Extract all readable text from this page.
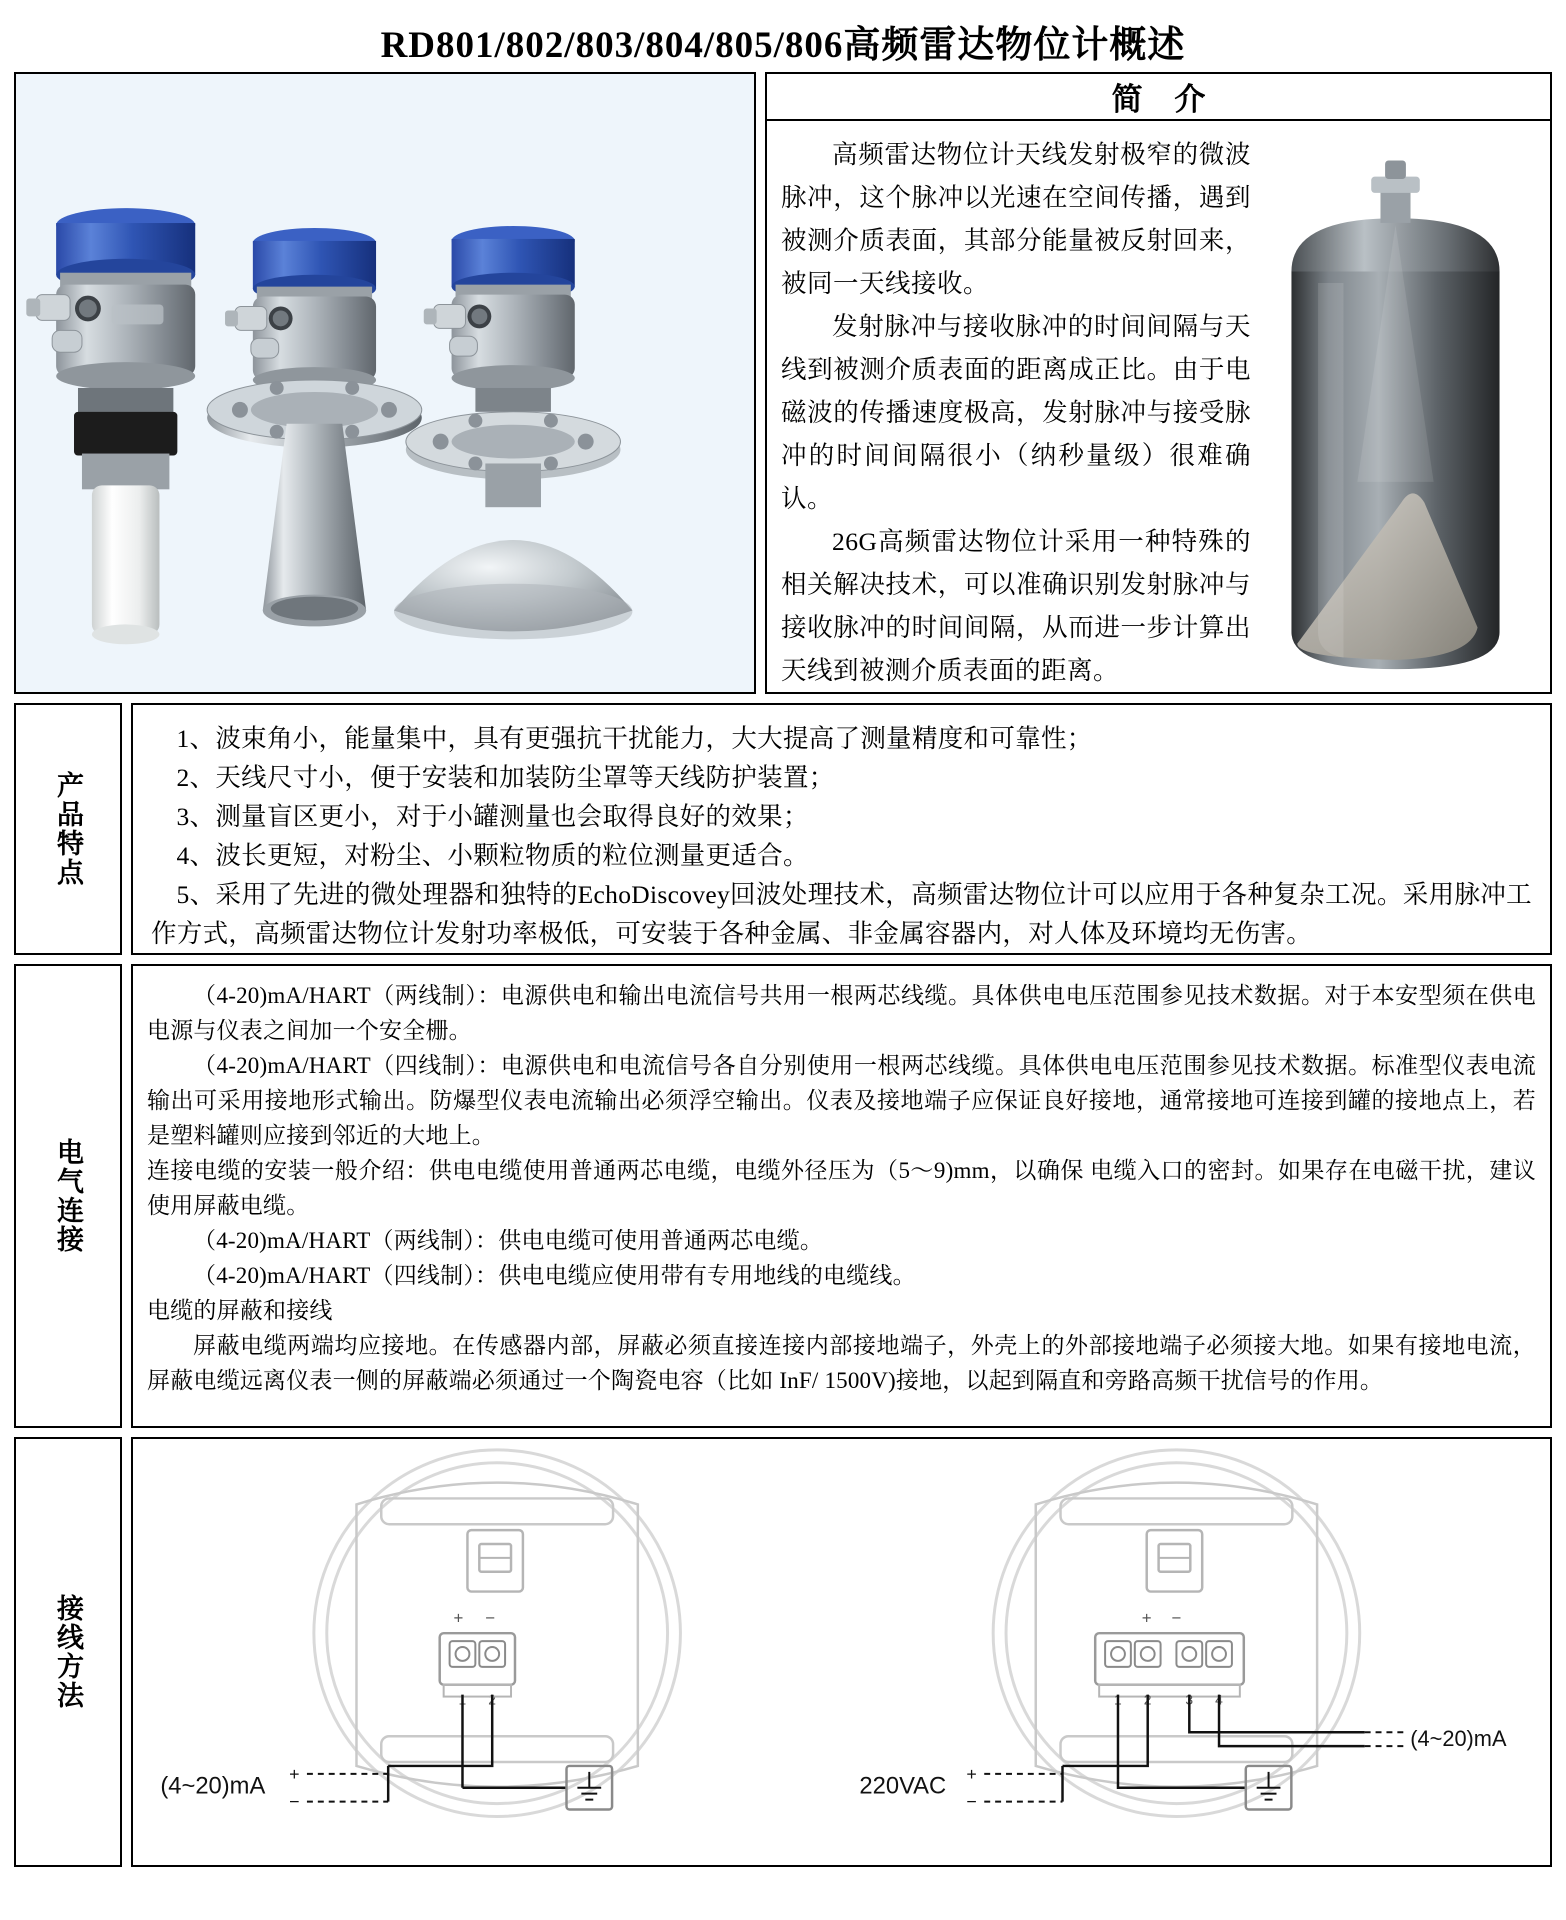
RD801/802/803/804/805/806高频雷达物位计概述
简 介

高频雷达物位计天线发射极窄的微波脉冲，这个脉冲以光速在空间传播，遇到被测介质表面，其部分能量被反射回来，被同一天线接收。

发射脉冲与接收脉冲的时间间隔与天线到被测介质表面的距离成正比。由于电磁波的传播速度极高，发射脉冲与接受脉冲的时间间隔很小（纳秒量级）很难确认。

26G高频雷达物位计采用一种特殊的相关解决技术，可以准确识别发射脉冲与接收脉冲的时间间隔，从而进一步计算出天线到被测介质表面的距离。

产品特点

1、波束角小，能量集中，具有更强抗干扰能力，大大提高了测量精度和可靠性；

2、天线尺寸小，便于安装和加装防尘罩等天线防护装置；

3、测量盲区更小，对于小罐测量也会取得良好的效果；

4、波长更短，对粉尘、小颗粒物质的粒位测量更适合。

5、采用了先进的微处理器和独特的EchoDiscovey回波处理技术，高频雷达物位计可以应用于各种复杂工况。采用脉冲工作方式，高频雷达物位计发射功率极低，可安装于各种金属、非金属容器内，对人体及环境均无伤害。

电气连接

（4-20)mA/HART（两线制）：电源供电和输出电流信号共用一根两芯线缆。具体供电电压范围参见技术数据。对于本安型须在供电电源与仪表之间加一个安全栅。

（4-20)mA/HART（四线制）：电源供电和电流信号各自分别使用一根两芯线缆。具体供电电压范围参见技术数据。标准型仪表电流输出可采用接地形式输出。防爆型仪表电流输出必须浮空输出。仪表及接地端子应保证良好接地，通常接地可连接到罐的接地点上，若是塑料罐则应接到邻近的大地上。

连接电缆的安装一般介绍：供电电缆使用普通两芯电缆，电缆外径压为（5～9)mm，以确保 电缆入口的密封。如果存在电磁干扰，建议使用屏蔽电缆。

（4-20)mA/HART（两线制）：供电电缆可使用普通两芯电缆。

（4-20)mA/HART（四线制）：供电电缆应使用带有专用地线的电缆线。

电缆的屏蔽和接线

屏蔽电缆两端均应接地。在传感器内部，屏蔽必须直接连接内部接地端子，外壳上的外部接地端子必须接大地。如果有接地电流，屏蔽电缆远离仪表一侧的屏蔽端必须通过一个陶瓷电容（比如 InF/ 1500V)接地，以起到隔直和旁路高频干扰信号的作用。

接线方法	+ −
1 2
(4~20)mA +
−
+ −
1 2 3 4
(4~20)mA
220VAC +
−
